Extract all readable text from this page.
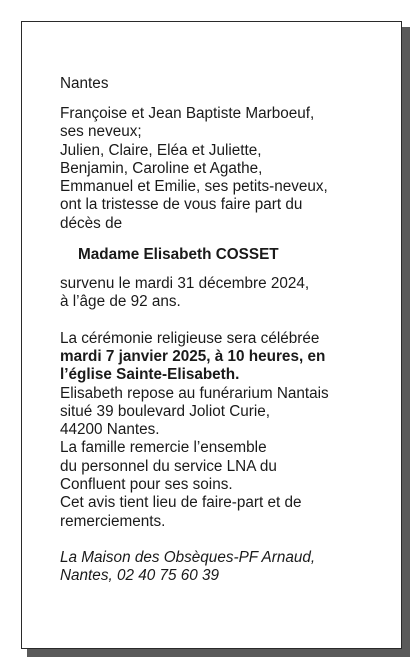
Nantes
Françoise et Jean Baptiste Marboeuf,
ses neveux;
Julien, Claire, Eléa et Juliette,
Benjamin, Caroline et Agathe,
Emmanuel et Emilie, ses petits-neveux,
ont la tristesse de vous faire part du
décès de
Madame Elisabeth COSSET
survenu le mardi 31 décembre 2024,
à l’âge de 92 ans.
La cérémonie religieuse sera célébrée
mardi 7 janvier 2025, à 10 heures, en
l’église Sainte-Elisabeth.
Elisabeth repose au funérarium Nantais
situé 39 boulevard Joliot Curie,
44200 Nantes.
La famille remercie l’ensemble
du personnel du service LNA du
Confluent pour ses soins.
Cet avis tient lieu de faire-part et de
remerciements.
La Maison des Obsèques-PF Arnaud,
Nantes, 02 40 75 60 39
